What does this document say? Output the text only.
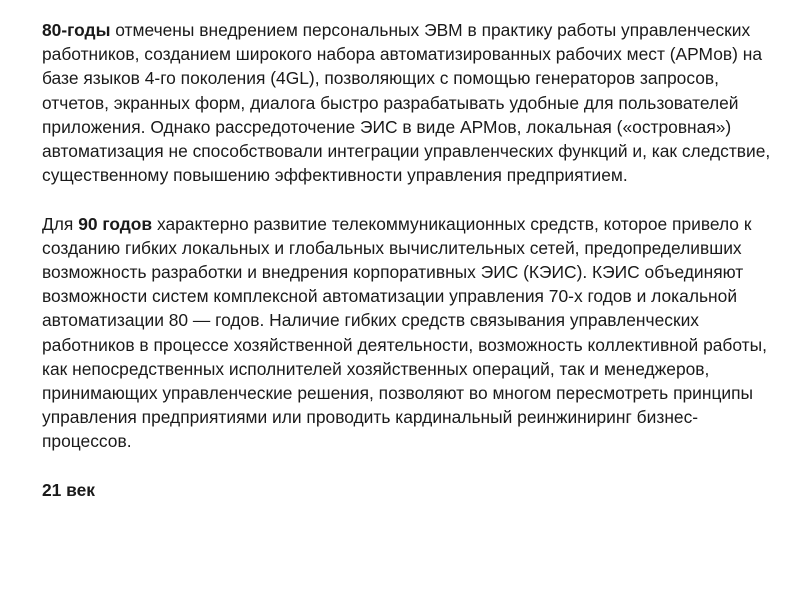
80-годы отмечены внедрением персональных ЭВМ в практику работы управленческих работников, созданием широкого набора автоматизированных рабочих мест (АРМов) на базе языков 4-го поколения (4GL), позволяющих с помощью генераторов запросов, отчетов, экранных форм, диалога быстро разрабатывать удобные для пользователей приложения. Однако рассредоточение ЭИС в виде АРМов, локальная («островная») автоматизация не способствовали интеграции управленческих функций и, как следствие, существенному повышению эффективности управления предприятием.

Для 90 годов характерно развитие телекоммуникационных средств, которое привело к созданию гибких локальных и глобальных вычислительных сетей, предопределивших возможность разработки и внедрения корпоративных ЭИС (КЭИС). КЭИС объединяют возможности систем комплексной автоматизации управления 70-х годов и локальной автоматизации 80 — годов. Наличие гибких средств связывания управленческих работников в процессе хозяйственной деятельности, возможность коллективной работы, как непосредственных исполнителей хозяйственных операций, так и менеджеров, принимающих управленческие решения, позволяют во многом пересмотреть принципы управления предприятиями или проводить кардинальный реинжиниринг бизнес-процессов.

21 век
